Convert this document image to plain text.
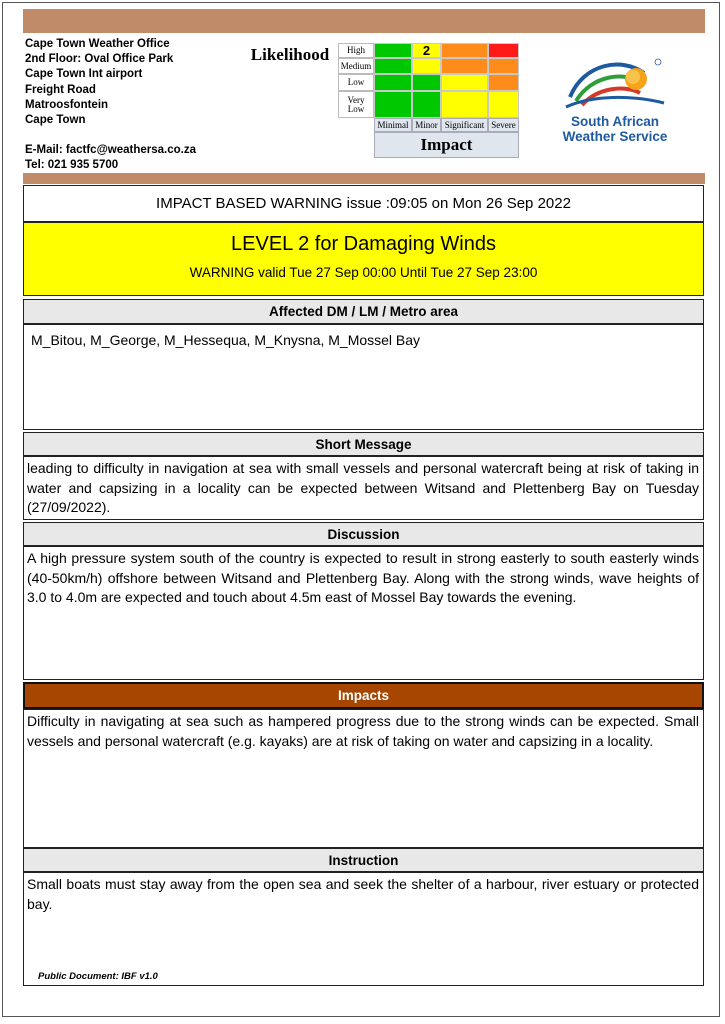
Cape Town Weather Office
2nd Floor: Oval Office Park
Cape Town Int airport
Freight Road
Matroosfontein
Cape Town
E-Mail: factfc@weathersa.co.za
Tel: 021 935 5700
Likelihood	High
Medium
Low
Very Low
2
Minimal Minor Significant Severe
Impact
South African
Weather Service
IMPACT BASED WARNING issue :09:05 on Mon 26 Sep 2022
LEVEL 2 for Damaging Winds
WARNING valid Tue 27 Sep 00:00 Until Tue 27 Sep 23:00
Affected DM / LM / Metro area
M_Bitou, M_George, M_Hessequa, M_Knysna, M_Mossel Bay
Short Message
leading to difficulty in navigation at sea with small vessels and personal watercraft being at risk of taking in water and capsizing in a locality can be expected between Witsand and Plettenberg Bay on Tuesday (27/09/2022).
Discussion
A high pressure system south of the country is expected to result in strong easterly to south easterly winds (40-50km/h) offshore between Witsand and Plettenberg Bay. Along with the strong winds, wave heights of 3.0 to 4.0m are expected and touch about 4.5m east of Mossel Bay towards the evening.
Impacts
Difficulty in navigating at sea such as hampered progress due to the strong winds can be expected. Small vessels and personal watercraft (e.g. kayaks) are at risk of taking on water and capsizing in a locality.
Instruction
Small boats must stay away from the open sea and seek the shelter of a harbour, river estuary or protected bay.
Public Document: IBF v1.0
